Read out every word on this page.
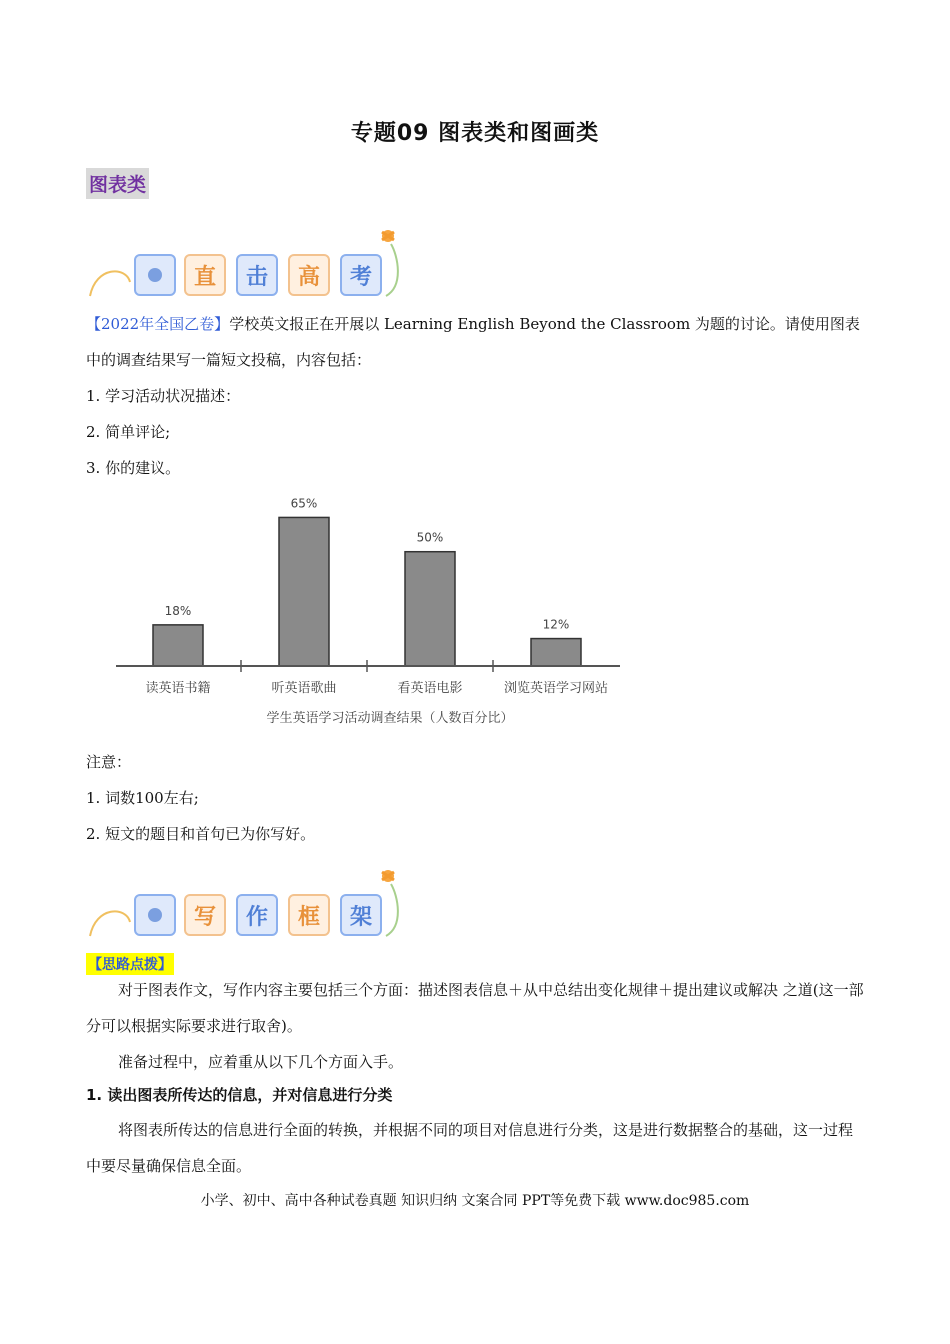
专题09 图表类和图画类
图表类
直	击	高	考
【2022年全国乙卷】学校英文报正在开展以 Learning English Beyond the Classroom 为题的讨论。请使用图表中的调查结果写一篇短文投稿，内容包括：
1. 学习活动状况描述：
2. 简单评论;
3. 你的建议。
18%
读英语书籍
65%
听英语歌曲
50%
看英语电影
12%
浏览英语学习网站
学生英语学习活动调查结果（人数百分比）
注意：
1. 词数100左右;
2. 短文的题目和首句已为你写好。
写	作	框	架
【思路点拨】
对于图表作文，写作内容主要包括三个方面：描述图表信息＋从中总结出变化规律＋提出建议或解决 之道(这一部分可以根据实际要求进行取舍)。
准备过程中，应着重从以下几个方面入手。
1. 读出图表所传达的信息，并对信息进行分类
将图表所传达的信息进行全面的转换，并根据不同的项目对信息进行分类，这是进行数据整合的基础，这一过程中要尽量确保信息全面。
小学、初中、高中各种试卷真题 知识归纳 文案合同 PPT等免费下载 www.doc985.com
